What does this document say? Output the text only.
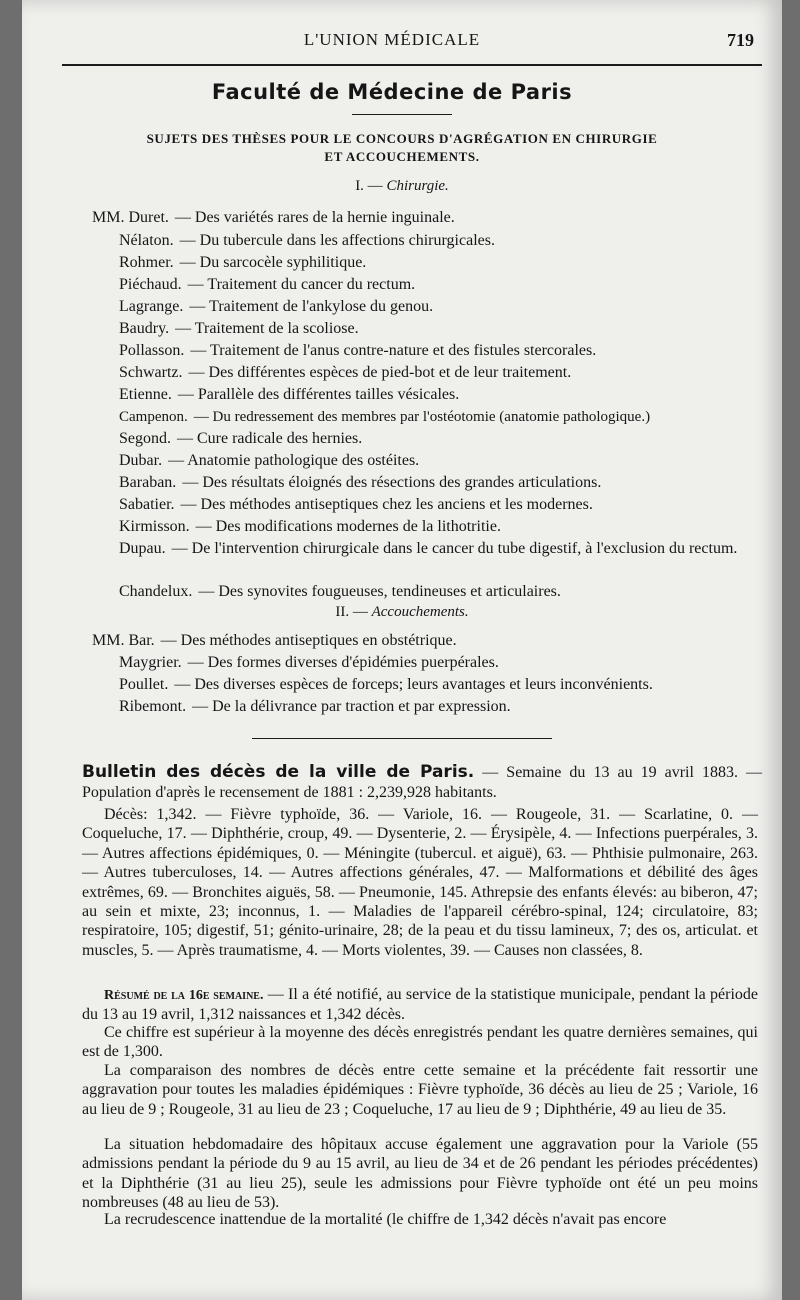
L'UNION MÉDICALE	719
Faculté de Médecine de Paris
SUJETS DES THÈSES POUR LE CONCOURS D'AGRÉGATION EN CHIRURGIE
ET ACCOUCHEMENTS.
I. — Chirurgie.
MM. Duret. — Des variétés rares de la hernie inguinale.
Nélaton. — Du tubercule dans les affections chirurgicales.
Rohmer. — Du sarcocèle syphilitique.
Piéchaud. — Traitement du cancer du rectum.
Lagrange. — Traitement de l'ankylose du genou.
Baudry. — Traitement de la scoliose.
Pollasson. — Traitement de l'anus contre-nature et des fistules stercorales.
Schwartz. — Des différentes espèces de pied-bot et de leur traitement.
Etienne. — Parallèle des différentes tailles vésicales.
Campenon. — Du redressement des membres par l'ostéotomie (anatomie pathologique.)
Segond. — Cure radicale des hernies.
Dubar. — Anatomie pathologique des ostéites.
Baraban. — Des résultats éloignés des résections des grandes articulations.
Sabatier. — Des méthodes antiseptiques chez les anciens et les modernes.
Kirmisson. — Des modifications modernes de la lithotritie.
Dupau. — De l'intervention chirurgicale dans le cancer du tube digestif, à l'exclusion du rectum.
Chandelux. — Des synovites fougueuses, tendineuses et articulaires.
II. — Accouchements.
MM. Bar. — Des méthodes antiseptiques en obstétrique.
Maygrier. — Des formes diverses d'épidémies puerpérales.
Poullet. — Des diverses espèces de forceps; leurs avantages et leurs inconvénients.
Ribemont. — De la délivrance par traction et par expression.
Bulletin des décès de la ville de Paris. — Semaine du 13 au 19 avril 1883. — Population d'après le recensement de 1881 : 2,239,928 habitants.
Décès: 1,342. — Fièvre typhoïde, 36. — Variole, 16. — Rougeole, 31. — Scarlatine, 0. — Coqueluche, 17. — Diphthérie, croup, 49. — Dysenterie, 2. — Érysipèle, 4. — Infections puerpérales, 3. — Autres affections épidémiques, 0. — Méningite (tubercul. et aiguë), 63. — Phthisie pulmonaire, 263. — Autres tuberculoses, 14. — Autres affections générales, 47. — Malformations et débilité des âges extrêmes, 69. — Bronchites aiguës, 58. — Pneumonie, 145. Athrepsie des enfants élevés: au biberon, 47; au sein et mixte, 23; inconnus, 1. — Maladies de l'appareil cérébro-spinal, 124; circulatoire, 83; respiratoire, 105; digestif, 51; génito-urinaire, 28; de la peau et du tissu lamineux, 7; des os, articulat. et muscles, 5. — Après traumatisme, 4. — Morts violentes, 39. — Causes non classées, 8.
Résumé de la 16e semaine. — Il a été notifié, au service de la statistique municipale, pendant la période du 13 au 19 avril, 1,312 naissances et 1,342 décès.
Ce chiffre est supérieur à la moyenne des décès enregistrés pendant les quatre dernières semaines, qui est de 1,300.
La comparaison des nombres de décès entre cette semaine et la précédente fait ressortir une aggravation pour toutes les maladies épidémiques : Fièvre typhoïde, 36 décès au lieu de 25 ; Variole, 16 au lieu de 9 ; Rougeole, 31 au lieu de 23 ; Coqueluche, 17 au lieu de 9 ; Diphthérie, 49 au lieu de 35.
La situation hebdomadaire des hôpitaux accuse également une aggravation pour la Variole (55 admissions pendant la période du 9 au 15 avril, au lieu de 34 et de 26 pendant les périodes précédentes) et la Diphthérie (31 au lieu 25), seule les admissions pour Fièvre typhoïde ont été un peu moins nombreuses (48 au lieu de 53).
La recrudescence inattendue de la mortalité (le chiffre de 1,342 décès n'avait pas encore
